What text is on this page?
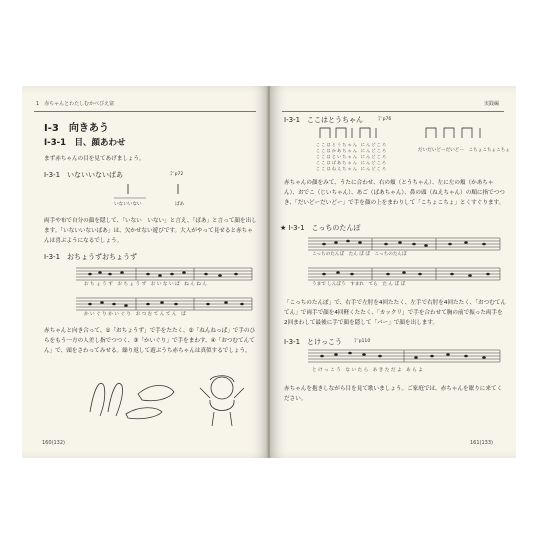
1　赤ちゃんとわたしむかべびえ富
I-3　向きあう
I-3-1　目、顔あわせ
まず赤ちゃんの目を見てあげましょう。
I-3-1　いないいないばあ	㌼p72
いないいない	ばあ
両手や布で自分の顔を隠して、「いない　いない」と言え、「ばあ」と言って顔を出します。「いないいないばあ」は、欠かせない遊びです。大人がやって見せると赤ちゃんは喜ぶようになるでしょう。
I-3-1　おちょうずおちょうず
お ち ょ う ず　お ち ょ う ず　お い な い ぱ　ね ん ね ん
か い ぐ り か い ぐ り　お つ む て ん て ん　ぱ
赤ちゃんと向き合って、①「おちょうず」で手をたたく、②「ねんねっぱ」で手のひらをもう一方の人差し指でつつく、③「かいぐり」で手をまわす、④「おつむてんてん」で、頭をさわってみせる。繰り返して遊ぶうち赤ちゃんは真似するでしょう。
160(132)
実践編
I-3-1　ここはとうちゃん	㌼p76
こ こ は と う ち ゃ ん　に ん ど こ ろ
こ こ は か あ ち ゃ ん　に ん ど こ ろ
こ こ は じ い ち ゃ ん　に ん ど こ ろ
こ こ は ば あ ち ゃ ん　に ん ど こ ろ
こ こ は ね え ち ゃ ん　に ん ど こ ろ
だいだいどーだいどー　こちょこちょこちょ
赤ちゃんの顔をみて、うたに合わせ、右の頬（とうちゃん）、左に左の頬（かあちゃん）、おでこ（じいちゃん）、あご（ばあちゃん）、鼻の頭（ねえちゃん）の順に指でつつき、「だいどーだいどー」で手を顔の上をまわりして「こちょこちょ」とくすぐります。
★ I-3-1　こっちのたんぽ
こっちのたんぽ　たん ぽ ぽ　こっちのたんぽ
うまで しんぼう　すまれ　てら　た ん ぽ ぽ
「こっちのたんぽ」で、右手で左肘を4回たたく、左手で右肘を4回たたく、「おつむてんてん」で両手で顔を4回軽くたたく、「カックリ」で手を合わせて胸の前で振った両手を2回まわして最後に手で顔を隠して「パー」で顔を出します。
I-3-1　とけっこう	㌼p110
と け っ こ う　な い た ら　あ き た だ よ　あ ら よ
赤ちゃんを抱きしながら目を見て歌いましょう。ご家庭では、赤ちゃんを眠りに来てください。
161(133)
